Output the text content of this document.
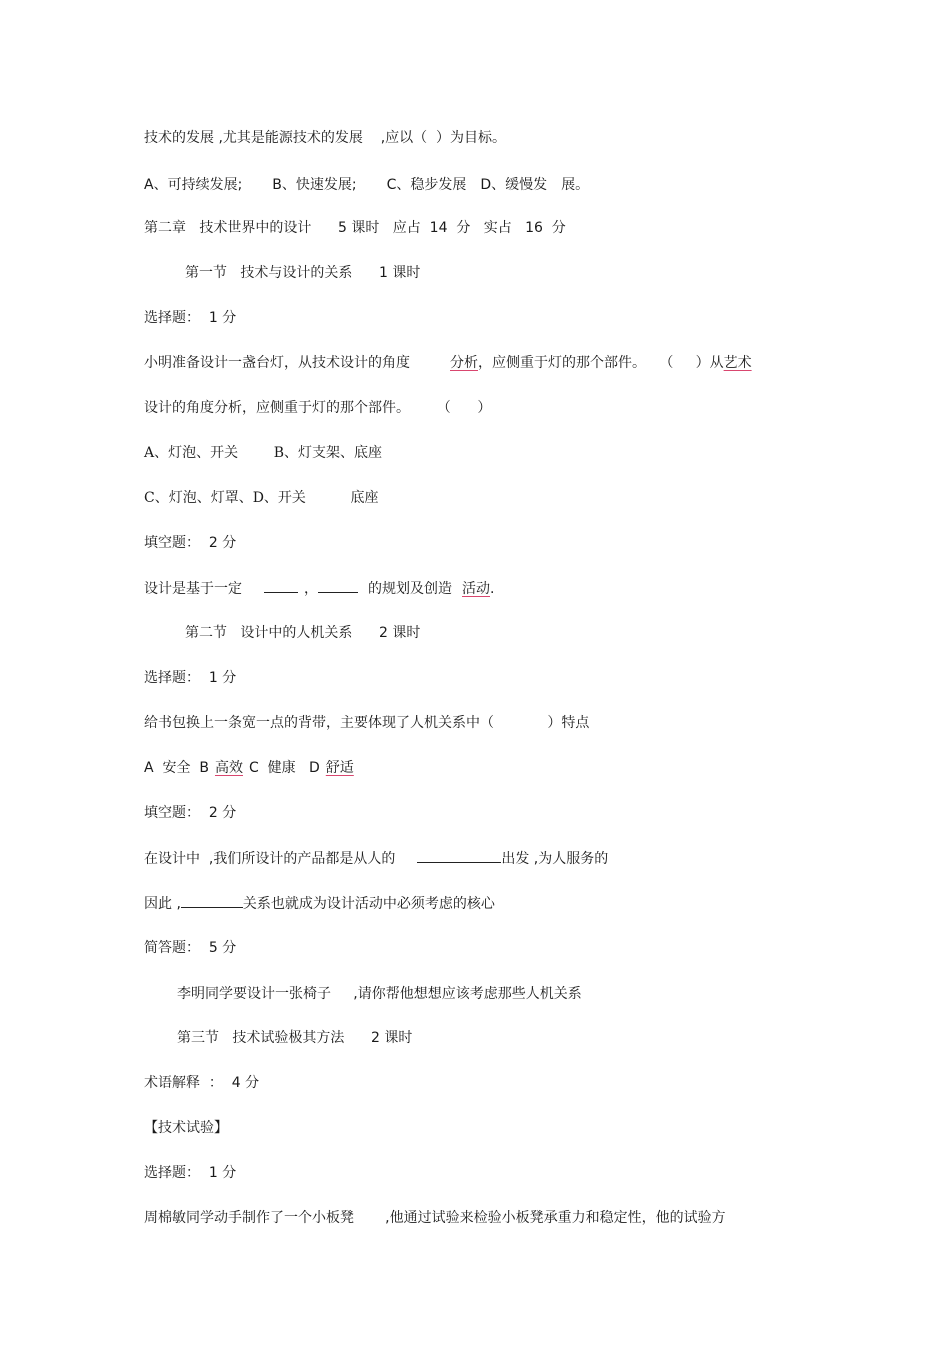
技术的发展 ,尤其是能源技术的发展    ,应以（  ）为目标。
A、可持续发展; B、快速发展; C、稳步发展 D、缓慢发 展。
第二章   技术世界中的设计      5 课时   应占  14  分   实占   16  分
第一节   技术与设计的关系      1 课时
选择题：  1 分
小明准备设计一盏台灯，从技术设计的角度	分析，应侧重于灯的那个部件。   （     ）从艺术
设计的角度分析，应侧重于灯的那个部件。      （      ）
A、灯泡、开关        B、灯支架、底座
C、灯泡、灯罩、D、开关          底座
填空题：  2 分
设计是基于一定	，	的规划及创造 活动.
第二节   设计中的人机关系      2 课时
选择题：  1 分
给书包换上一条宽一点的背带，主要体现了人机关系中（            ）特点
A  安全  B 高效 C  健康   D 舒适
填空题：  2 分
在设计中  ,我们所设计的产品都是从人的	出发 ,为人服务的
因此 ,	关系也就成为设计活动中必须考虑的核心
简答题：  5 分
李明同学要设计一张椅子     ,请你帮他想想应该考虑那些人机关系
第三节   技术试验极其方法      2 课时
术语解释  ：  4 分
【技术试验】
选择题：  1 分
周棉敏同学动手制作了一个小板凳       ,他通过试验来检验小板凳承重力和稳定性，他的试验方
